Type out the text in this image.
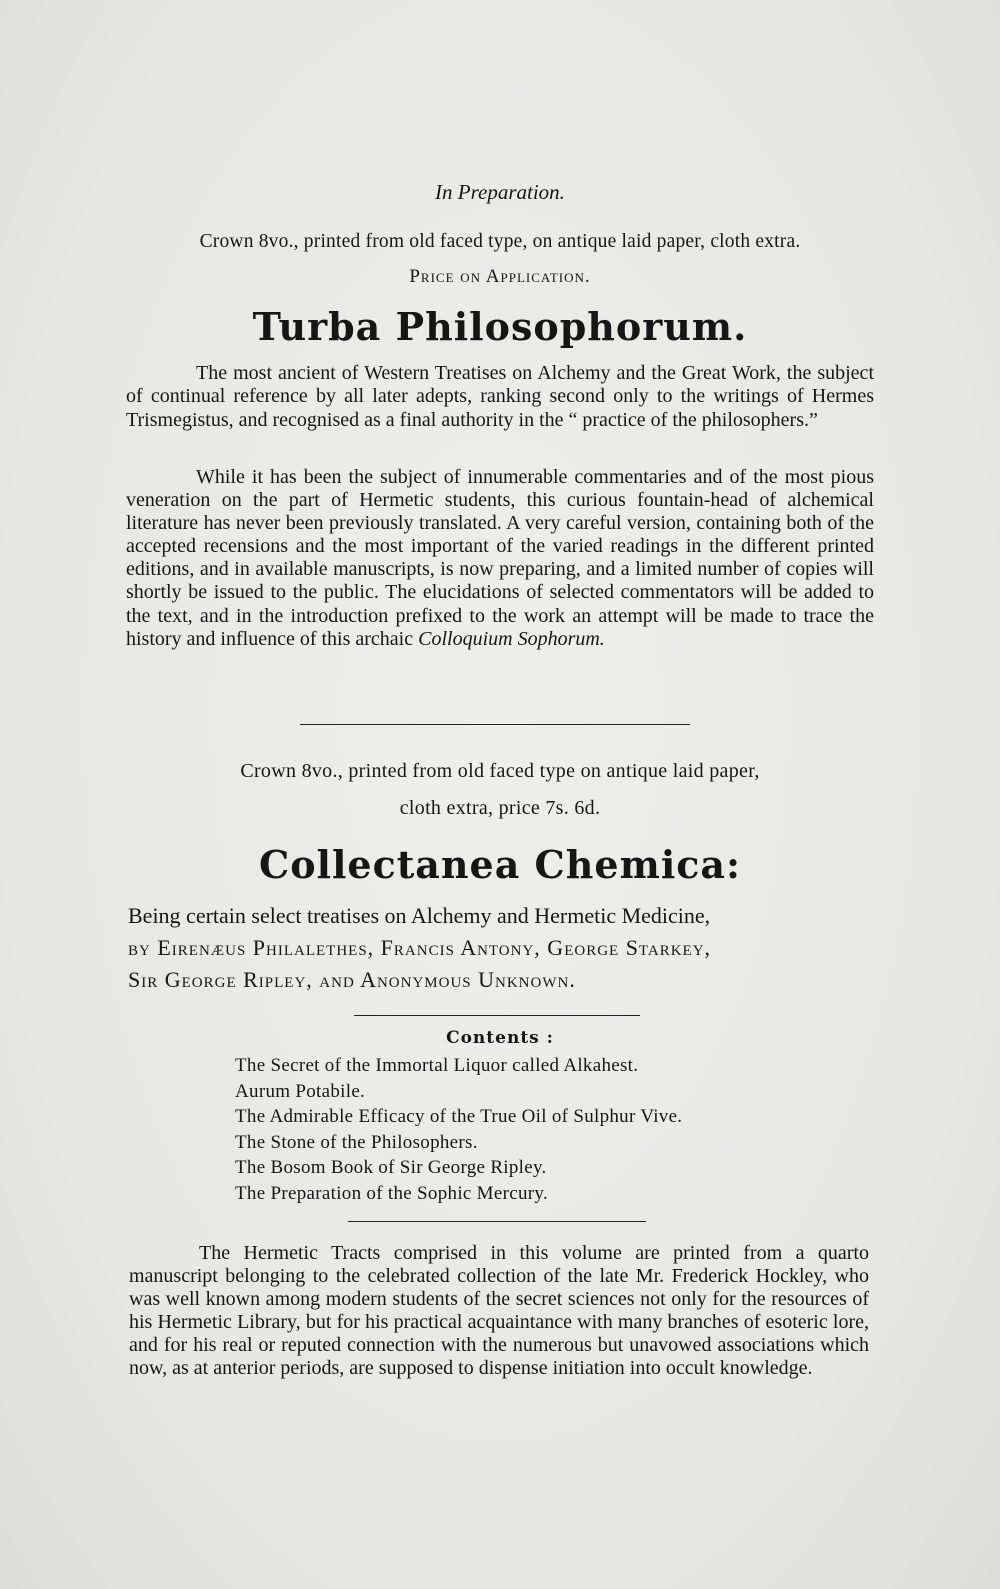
In Preparation.
Crown 8vo., printed from old faced type, on antique laid paper, cloth extra.
Price on Application.
Turba Philosophorum.

The most ancient of Western Treatises on Alchemy and the Great Work, the subject of continual reference by all later adepts, ranking second only to the writings of Hermes Trismegistus, and recognised as a final authority in the “ practice of the philosophers.”

While it has been the subject of innumerable commentaries and of the most pious veneration on the part of Hermetic students, this curious fountain-head of alchemical literature has never been previously translated. A very careful version, containing both of the accepted recensions and the most important of the varied readings in the different printed editions, and in available manuscripts, is now preparing, and a limited number of copies will shortly be issued to the public. The elucidations of selected commentators will be added to the text, and in the introduction prefixed to the work an attempt will be made to trace the history and influence of this archaic Colloquium Sophorum.

Crown 8vo., printed from old faced type on antique laid paper,
cloth extra, price 7s. 6d.
Collectanea Chemica:
Being certain select treatises on Alchemy and Hermetic Medicine,
by Eirenæus Philalethes, Francis Antony, George Starkey,
Sir George Ripley, and Anonymous Unknown.
Contents :
The Secret of the Immortal Liquor called Alkahest.
Aurum Potabile.
The Admirable Efficacy of the True Oil of Sulphur Vive.
The Stone of the Philosophers.
The Bosom Book of Sir George Ripley.
The Preparation of the Sophic Mercury.

The Hermetic Tracts comprised in this volume are printed from a quarto manuscript belonging to the celebrated collection of the late Mr. Frederick Hockley, who was well known among modern students of the secret sciences not only for the resources of his Hermetic Library, but for his practical acquaintance with many branches of esoteric lore, and for his real or reputed connection with the numerous but unavowed associations which now, as at anterior periods, are supposed to dispense initiation into occult knowledge.
